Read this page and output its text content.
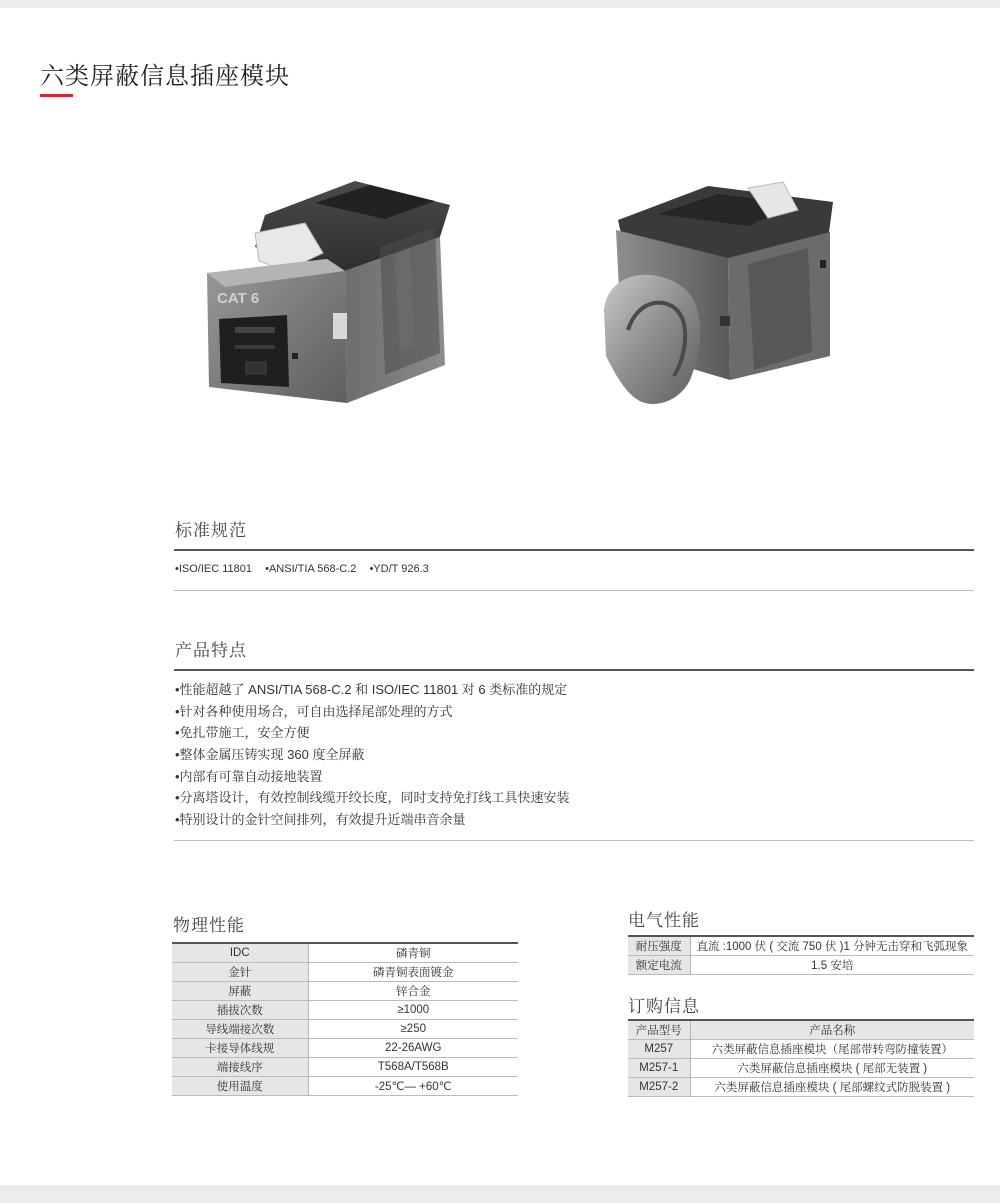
六类屏蔽信息插座模块
CAT 6
标准规范
•ISO/IEC 11801 •ANSI/TIA 568-C.2 •YD/T 926.3
产品特点
•性能超越了 ANSI/TIA 568-C.2 和 ISO/IEC 11801 对 6 类标准的规定
•针对各种使用场合，可自由选择尾部处理的方式
•免扎带施工，安全方便
•整体金属压铸实现 360 度全屏蔽
•内部有可靠自动接地装置
•分离塔设计，有效控制线缆开绞长度，同时支持免打线工具快速安装
•特别设计的金针空间排列，有效提升近端串音余量
物理性能
IDC	磷青铜
金针	磷青铜表面镀金
屏蔽	锌合金
插拔次数	≥1000
导线端接次数	≥250
卡接导体线规	22-26AWG
端接线序	T568A/T568B
使用温度	-25℃— +60℃
电气性能
耐压强度	直流 :1000 伏 ( 交流 750 伏 )1 分钟无击穿和飞弧现象
额定电流	1.5 安培
订购信息
产品型号	产品名称
M257	六类屏蔽信息插座模块（尾部带转弯防撞装置）
M257-1	六类屏蔽信息插座模块 ( 尾部无装置 )
M257-2	六类屏蔽信息插座模块 ( 尾部螺纹式防脱装置 )
